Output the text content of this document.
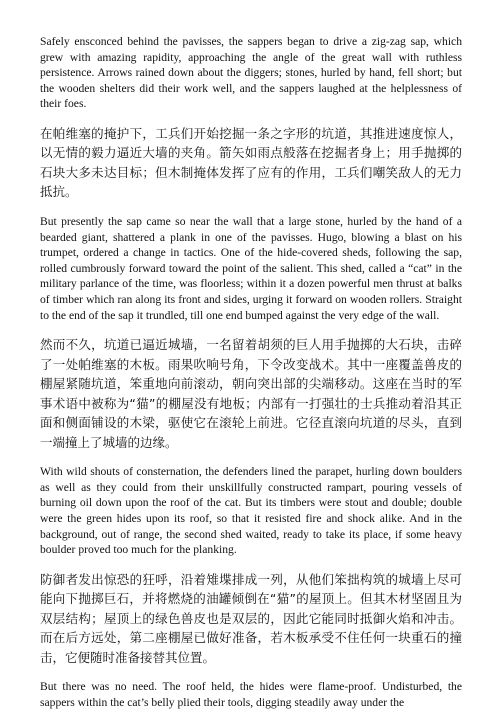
Safely ensconced behind the pavisses, the sappers began to drive a zig-zag sap, which grew with amazing rapidity, approaching the angle of the great wall with ruthless persistence. Arrows rained down about the diggers; stones, hurled by hand, fell short; but the wooden shelters did their work well, and the sappers laughed at the helplessness of their foes.

在帕维塞的掩护下，工兵们开始挖掘一条之字形的坑道，其推进速度惊人，以无情的毅力逼近大墙的夹角。箭矢如雨点般落在挖掘者身上；用手抛掷的石块大多未达目标；但木制掩体发挥了应有的作用，工兵们嘲笑敌人的无力抵抗。

But presently the sap came so near the wall that a large stone, hurled by the hand of a bearded giant, shattered a plank in one of the pavisses. Hugo, blowing a blast on his trumpet, ordered a change in tactics. One of the hide-covered sheds, following the sap, rolled cumbrously forward toward the point of the salient. This shed, called a “cat” in the military parlance of the time, was floorless; within it a dozen powerful men thrust at balks of timber which ran along its front and sides, urging it forward on wooden rollers. Straight to the end of the sap it trundled, till one end bumped against the very edge of the wall.

然而不久，坑道已逼近城墙，一名留着胡须的巨人用手抛掷的大石块，击碎了一处帕维塞的木板。雨果吹响号角，下令改变战术。其中一座覆盖兽皮的棚屋紧随坑道，笨重地向前滚动，朝向突出部的尖端移动。这座在当时的军事术语中被称为“猫”的棚屋没有地板；内部有一打强壮的士兵推动着沿其正面和侧面铺设的木梁，驱使它在滚轮上前进。它径直滚向坑道的尽头，直到一端撞上了城墙的边缘。

With wild shouts of consternation, the defenders lined the parapet, hurling down boulders as well as they could from their unskillfully constructed rampart, pouring vessels of burning oil down upon the roof of the cat. But its timbers were stout and double; double were the green hides upon its roof, so that it resisted fire and shock alike. And in the background, out of range, the second shed waited, ready to take its place, if some heavy boulder proved too much for the planking.

防御者发出惊恐的狂呼，沿着雉堞排成一列，从他们笨拙构筑的城墙上尽可能向下抛掷巨石，并将燃烧的油罐倾倒在“猫”的屋顶上。但其木材坚固且为双层结构；屋顶上的绿色兽皮也是双层的，因此它能同时抵御火焰和冲击。而在后方远处，第二座棚屋已做好准备，若木板承受不住任何一块重石的撞击，它便随时准备接替其位置。

But there was no need. The roof held, the hides were flame-proof. Undisturbed, the sappers within the cat’s belly plied their tools, digging steadily away under the
